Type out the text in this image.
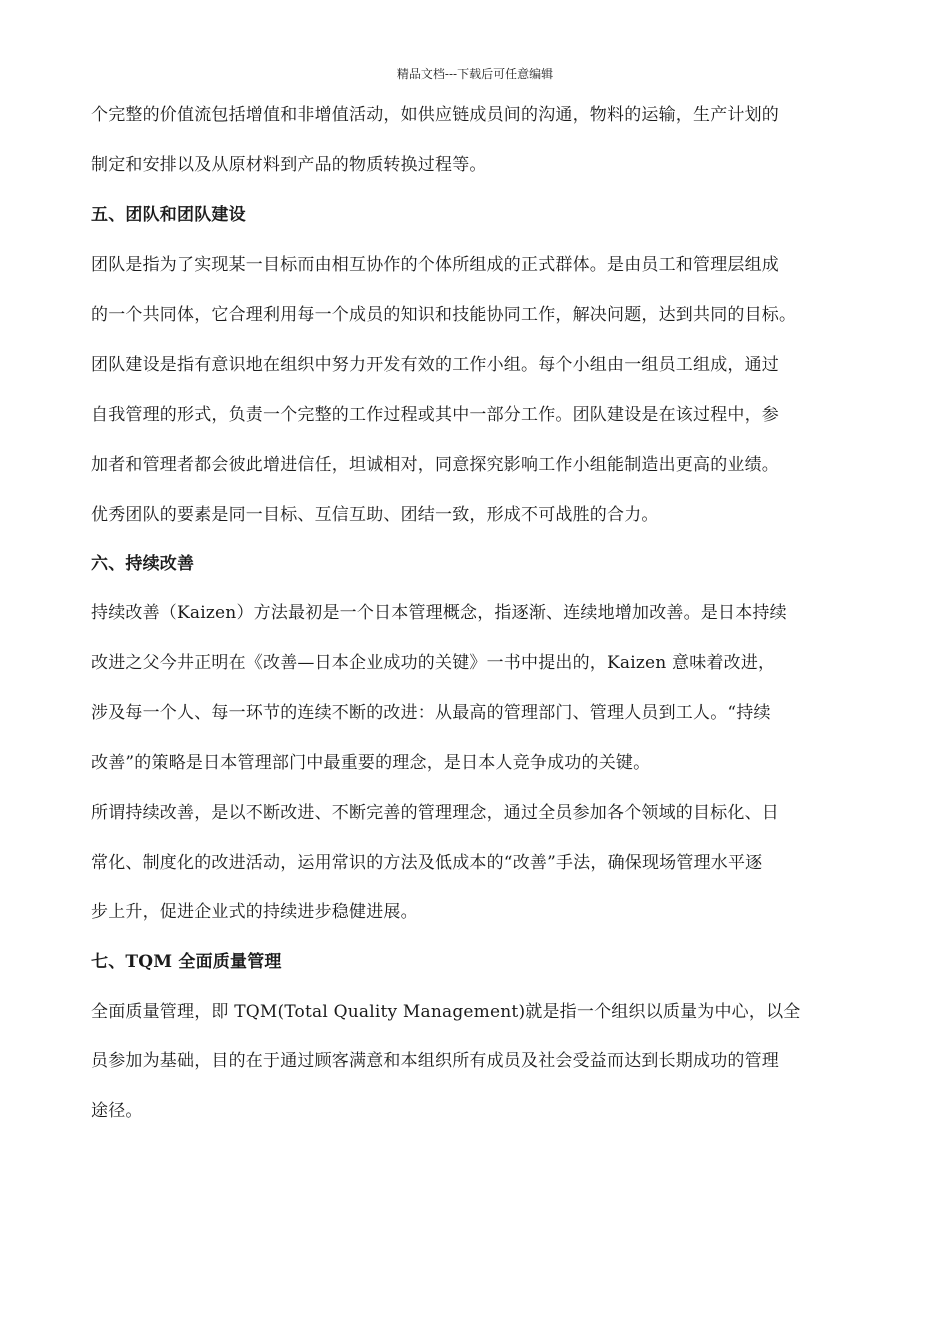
精品文档---下载后可任意编辑
个完整的价值流包括增值和非增值活动，如供应链成员间的沟通，物料的运输，生产计划的
制定和安排以及从原材料到产品的物质转换过程等。
五、团队和团队建设
团队是指为了实现某一目标而由相互协作的个体所组成的正式群体。是由员工和管理层组成
的一个共同体，它合理利用每一个成员的知识和技能协同工作，解决问题，达到共同的目标。
团队建设是指有意识地在组织中努力开发有效的工作小组。每个小组由一组员工组成，通过
自我管理的形式，负责一个完整的工作过程或其中一部分工作。团队建设是在该过程中，参
加者和管理者都会彼此增进信任，坦诚相对，同意探究影响工作小组能制造出更高的业绩。
优秀团队的要素是同一目标、互信互助、团结一致，形成不可战胜的合力。
六、持续改善
持续改善（Kaizen）方法最初是一个日本管理概念，指逐渐、连续地增加改善。是日本持续
改进之父今井正明在《改善—日本企业成功的关键》一书中提出的，Kaizen 意味着改进，
涉及每一个人、每一环节的连续不断的改进：从最高的管理部门、管理人员到工人。“持续
改善”的策略是日本管理部门中最重要的理念，是日本人竞争成功的关键。
所谓持续改善，是以不断改进、不断完善的管理理念，通过全员参加各个领域的目标化、日
常化、制度化的改进活动，运用常识的方法及低成本的“改善”手法，确保现场管理水平逐
步上升，促进企业式的持续进步稳健进展。
七、TQM 全面质量管理
全面质量管理，即 TQM(Total Quality Management)就是指一个组织以质量为中心，以全
员参加为基础，目的在于通过顾客满意和本组织所有成员及社会受益而达到长期成功的管理
途径。
